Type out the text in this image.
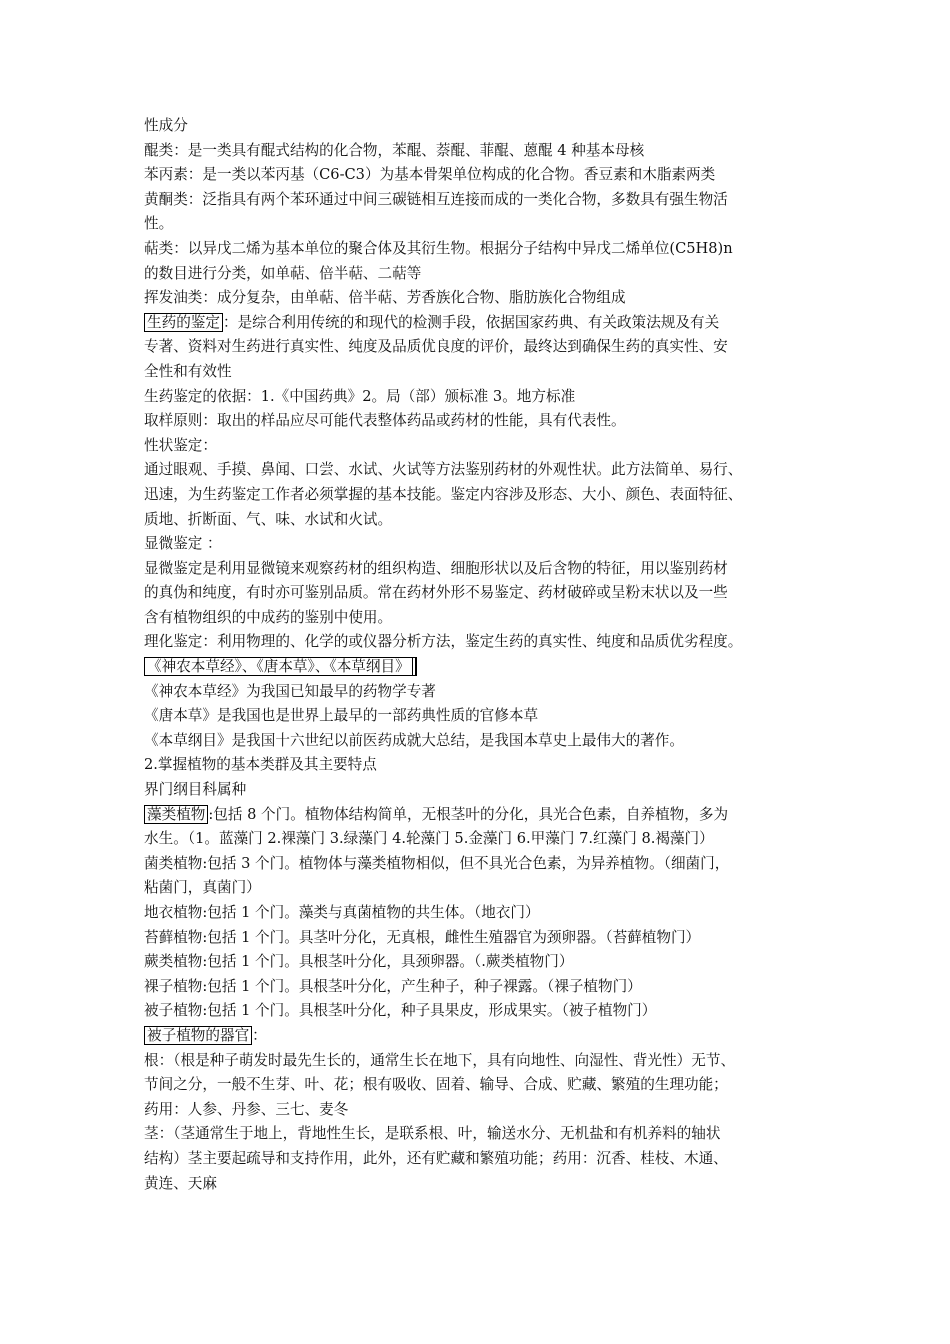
性成分

醌类：是一类具有醌式结构的化合物，苯醌、萘醌、菲醌、蒽醌 4 种基本母核

苯丙素：是一类以苯丙基（C6-C3）为基本骨架单位构成的化合物。香豆素和木脂素两类

黄酮类：泛指具有两个苯环通过中间三碳链相互连接而成的一类化合物，多数具有强生物活

性。

萜类：以异戊二烯为基本单位的聚合体及其衍生物。根据分子结构中异戊二烯单位(C5H8)n

的数目进行分类，如单萜、倍半萜、二萜等

挥发油类：成分复杂，由单萜、倍半萜、芳香族化合物、脂肪族化合物组成

生药的鉴定 ：是综合利用传统的和现代的检测手段，依据国家药典、有关政策法规及有关

专著、资料对生药进行真实性、纯度及品质优良度的评价，最终达到确保生药的真实性、安

全性和有效性

生药鉴定的依据：1.《中国药典》2。局（部）颁标准 3。地方标准

取样原则：取出的样品应尽可能代表整体药品或药材的性能，具有代表性。

性状鉴定：

通过眼观、手摸、鼻闻、口尝、水试、火试等方法鉴别药材的外观性状。此方法简单、易行、

迅速，为生药鉴定工作者必须掌握的基本技能。鉴定内容涉及形态、大小、颜色、表面特征、

质地、折断面、气、味、水试和火试。

显微鉴定 ：

显微鉴定是利用显微镜来观察药材的组织构造、细胞形状以及后含物的特征，用以鉴别药材

的真伪和纯度，有时亦可鉴别品质。常在药材外形不易鉴定、药材破碎或呈粉末状以及一些

含有植物组织的中成药的鉴别中使用。

理化鉴定：利用物理的、化学的或仪器分析方法，鉴定生药的真实性、纯度和品质优劣程度。

《神农本草经》、《唐本草》、《本草纲目》

《神农本草经》为我国已知最早的药物学专著

《唐本草》是我国也是世界上最早的一部药典性质的官修本草

《本草纲目》是我国十六世纪以前医药成就大总结，是我国本草史上最伟大的著作。

2.掌握植物的基本类群及其主要特点

界门纲目科属种

藻类植物 :包括 8 个门。植物体结构简单，无根茎叶的分化，具光合色素，自养植物，多为

水生。（1。蓝藻门 2.裸藻门 3.绿藻门 4.轮藻门 5.金藻门 6.甲藻门 7.红藻门 8.褐藻门）

菌类植物:包括 3 个门。植物体与藻类植物相似，但不具光合色素，为异养植物。（细菌门，

粘菌门，真菌门）

地衣植物:包括 1 个门。藻类与真菌植物的共生体。（地衣门）

苔藓植物:包括 1 个门。具茎叶分化，无真根，雌性生殖器官为颈卵器。（苔藓植物门）

蕨类植物:包括 1 个门。具根茎叶分化，具颈卵器。（.蕨类植物门）

裸子植物:包括 1 个门。具根茎叶分化，产生种子，种子裸露。（裸子植物门）

被子植物:包括 1 个门。具根茎叶分化，种子具果皮，形成果实。（被子植物门）

被子植物的器官 ：

根：（根是种子萌发时最先生长的，通常生长在地下，具有向地性、向湿性、背光性）无节、

节间之分，一般不生芽、叶、花；根有吸收、固着、输导、合成、贮藏、繁殖的生理功能；

药用：人参、丹参、三七、麦冬

茎：（茎通常生于地上，背地性生长，是联系根、叶，输送水分、无机盐和有机养料的轴状

结构）茎主要起疏导和支持作用，此外，还有贮藏和繁殖功能；药用：沉香、桂枝、木通、

黄连、天麻
